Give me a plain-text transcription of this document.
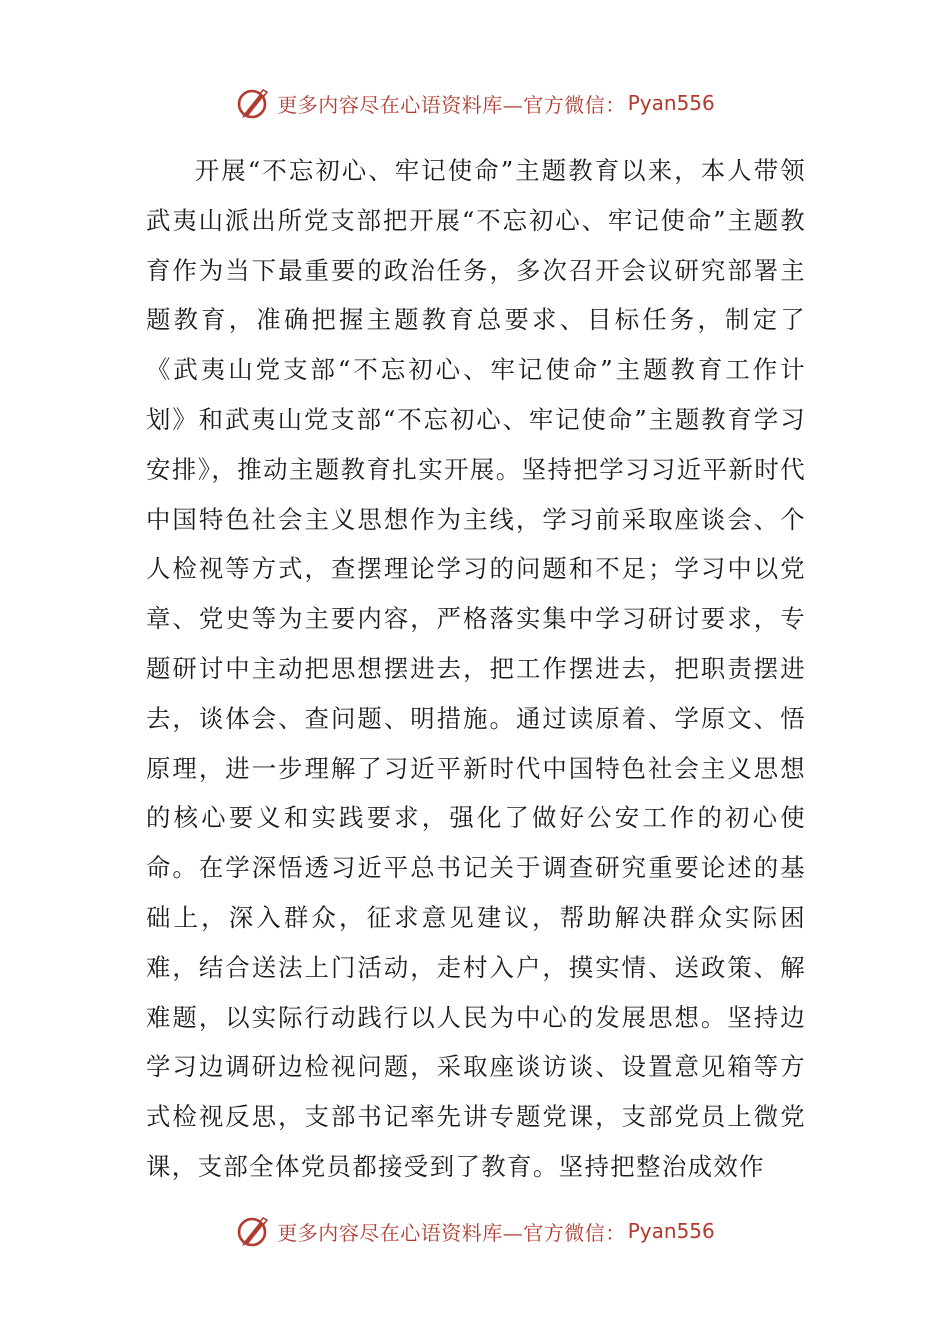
更多内容尽在心语资料库—官方微信： Pyan556

开展“不忘初心、牢记使命”主题教育以来，本人带领武夷山派出所党支部把开展“不忘初心、牢记使命”主题教育作为当下最重要的政治任务，多次召开会议研究部署主题教育，准确把握主题教育总要求、目标任务，制定了《武夷山党支部“不忘初心、牢记使命”主题教育工作计划》和武夷山党支部“不忘初心、牢记使命”主题教育学习安排》，推动主题教育扎实开展。坚持把学习习近平新时代中国特色社会主义思想作为主线，学习前采取座谈会、个人检视等方式，查摆理论学习的问题和不足；学习中以党章、党史等为主要内容，严格落实集中学习研讨要求，专题研讨中主动把思想摆进去，把工作摆进去，把职责摆进去，谈体会、查问题、明措施。通过读原着、学原文、悟原理，进一步理解了习近平新时代中国特色社会主义思想的核心要义和实践要求，强化了做好公安工作的初心使命。在学深悟透习近平总书记关于调查研究重要论述的基础上，深入群众，征求意见建议，帮助解决群众实际困难，结合送法上门活动，走村入户，摸实情、送政策、解难题，以实际行动践行以人民为中心的发展思想。坚持边学习边调研边检视问题，采取座谈访谈、设置意见箱等方式检视反思，支部书记率先讲专题党课，支部党员上微党课，支部全体党员都接受到了教育。坚持把整治成效作

更多内容尽在心语资料库—官方微信： Pyan556
